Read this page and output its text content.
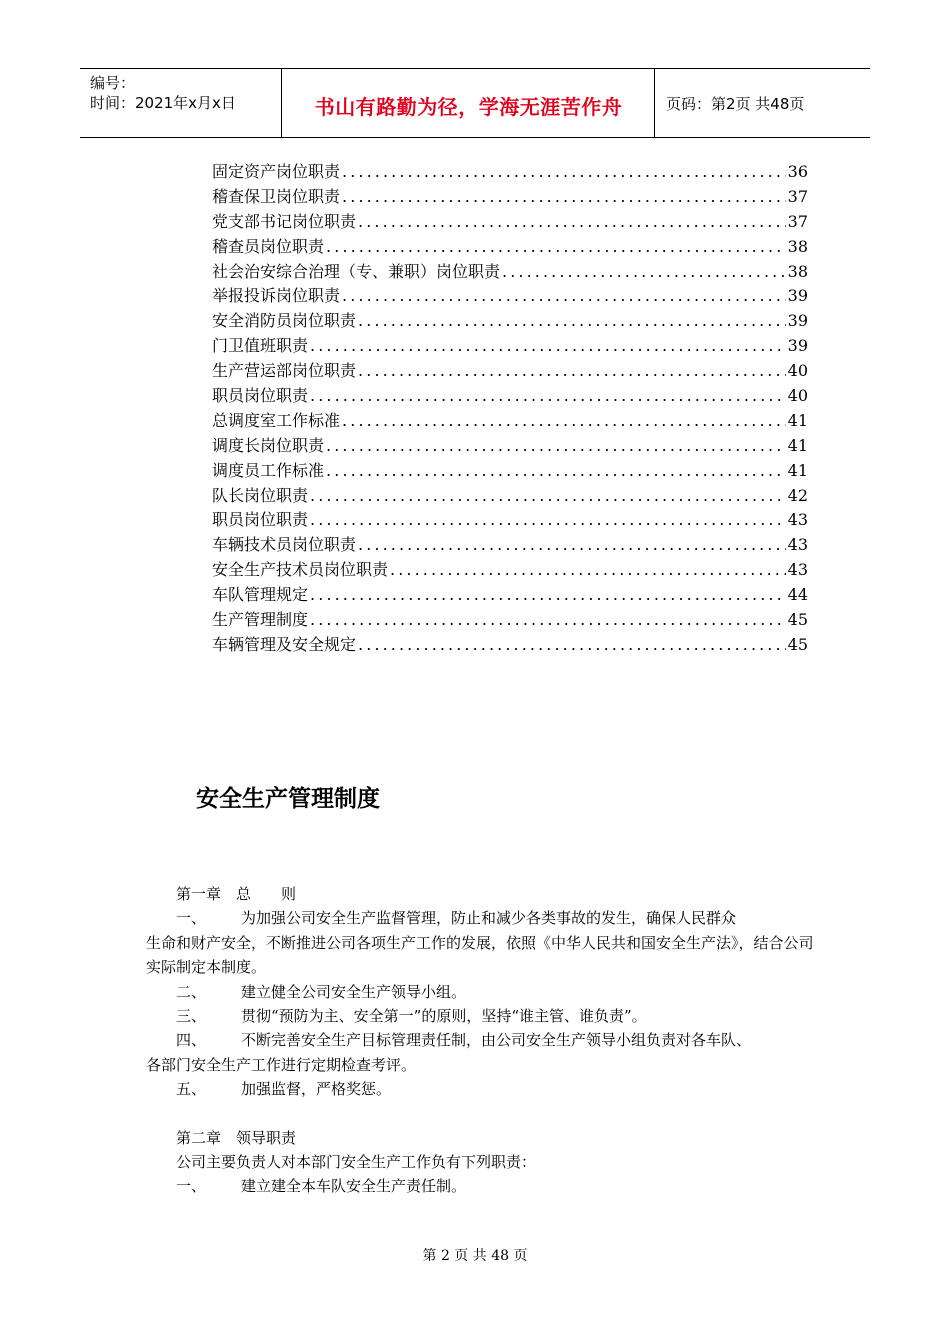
编号：
时间：2021年x月x日	书山有路勤为径，学海无涯苦作舟	页码：第2页 共48页
固定资产岗位职责 .....	36
稽查保卫岗位职责 .....	37
党支部书记岗位职责 .....	37
稽查员岗位职责 .....	38
社会治安综合治理（专、兼职）岗位职责 .....	38
举报投诉岗位职责 .....	39
安全消防员岗位职责 .....	39
门卫值班职责 .....	39
生产营运部岗位职责 .....	40
职员岗位职责 .....	40
总调度室工作标准 .....	41
调度长岗位职责 .....	41
调度员工作标准 .....	41
队长岗位职责 .....	42
职员岗位职责 .....	43
车辆技术员岗位职责 .....	43
安全生产技术员岗位职责 .....	43
车队管理规定 .....	44
生产管理制度 .....	45
车辆管理及安全规定 .....	45
安全生产管理制度

第一章　总　　则

一、 为加强公司安全生产监督管理，防止和减少各类事故的发生，确保人民群众

生命和财产安全，不断推进公司各项生产工作的发展，依照《中华人民共和国安全生产法》，结合公司实际制定本制度。

二、 建立健全公司安全生产领导小组。

三、 贯彻“预防为主、安全第一”的原则，坚持“谁主管、谁负责”。

四、 不断完善安全生产目标管理责任制，由公司安全生产领导小组负责对各车队、

各部门安全生产工作进行定期检查考评。

五、 加强监督，严格奖惩。

第二章　领导职责

公司主要负责人对本部门安全生产工作负有下列职责：

一、 建立建全本车队安全生产责任制。

第 2 页 共 48 页
